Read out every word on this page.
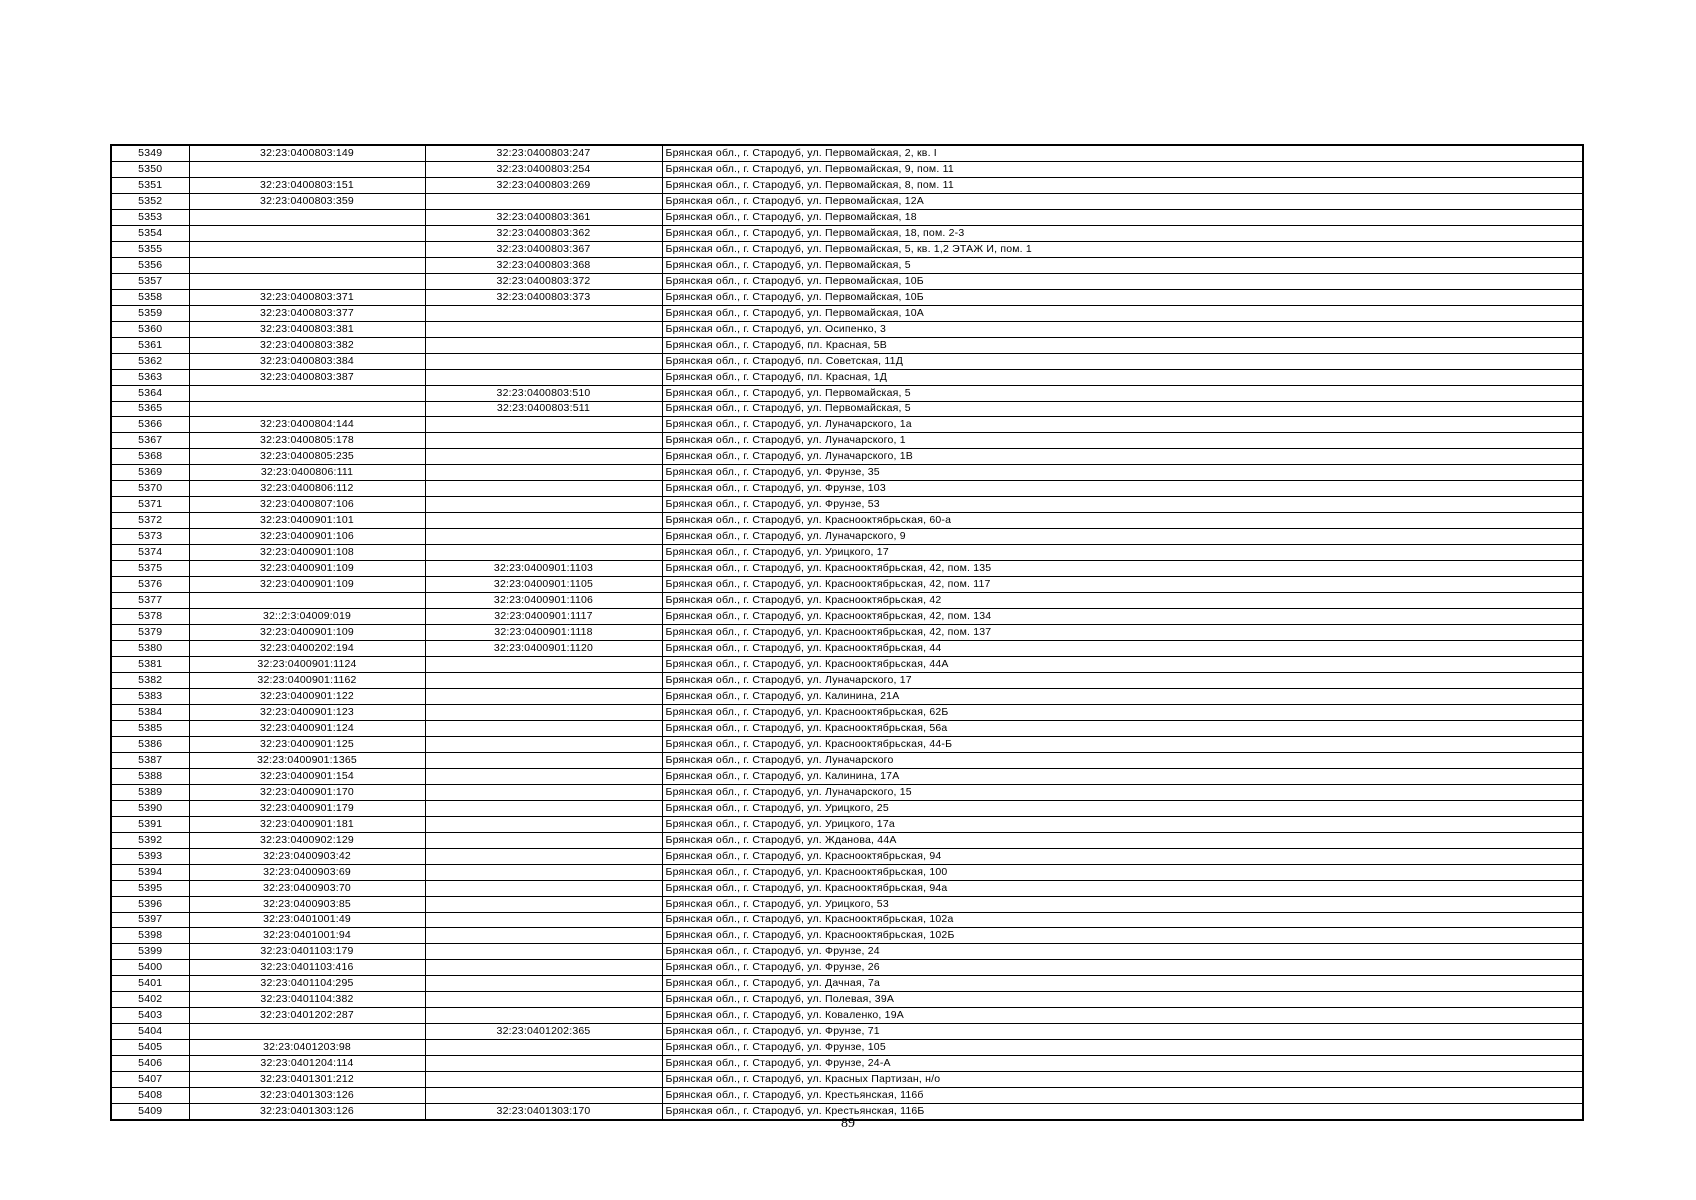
5349	32:23:0400803:149	32:23:0400803:247	Брянская обл., г. Стародуб, ул. Первомайская, 2, кв. I
5350		32:23:0400803:254	Брянская обл., г. Стародуб, ул. Первомайская, 9, пом. 11
5351	32:23:0400803:151	32:23:0400803:269	Брянская обл., г. Стародуб, ул. Первомайская, 8, пом. 11
5352	32:23:0400803:359		Брянская обл., г. Стародуб, ул. Первомайская, 12А
5353		32:23:0400803:361	Брянская обл., г. Стародуб, ул. Первомайская, 18
5354		32:23:0400803:362	Брянская обл., г. Стародуб, ул. Первомайская, 18, пом. 2-3
5355		32:23:0400803:367	Брянская обл., г. Стародуб, ул. Первомайская, 5, кв. 1,2 ЭТАЖ И, пом. 1
5356		32:23:0400803:368	Брянская обл., г. Стародуб, ул. Первомайская, 5
5357		32:23:0400803:372	Брянская обл., г. Стародуб, ул. Первомайская, 10Б
5358	32:23:0400803:371	32:23:0400803:373	Брянская обл., г. Стародуб, ул. Первомайская, 10Б
5359	32:23:0400803:377		Брянская обл., г. Стародуб, ул. Первомайская, 10А
5360	32:23:0400803:381		Брянская обл., г. Стародуб, ул. Осипенко, 3
5361	32:23:0400803:382		Брянская обл., г. Стародуб, пл. Красная, 5В
5362	32:23:0400803:384		Брянская обл., г. Стародуб, пл. Советская, 11Д
5363	32:23:0400803:387		Брянская обл., г. Стародуб, пл. Красная, 1Д
5364		32:23:0400803:510	Брянская обл., г. Стародуб, ул. Первомайская, 5
5365		32:23:0400803:511	Брянская обл., г. Стародуб, ул. Первомайская, 5
5366	32:23:0400804:144		Брянская обл., г. Стародуб, ул. Луначарского, 1а
5367	32:23:0400805:178		Брянская обл., г. Стародуб, ул. Луначарского, 1
5368	32:23:0400805:235		Брянская обл., г. Стародуб, ул. Луначарского, 1В
5369	32:23:0400806:111		Брянская обл., г. Стародуб, ул. Фрунзе, 35
5370	32:23:0400806:112		Брянская обл., г. Стародуб, ул. Фрунзе, 103
5371	32:23:0400807:106		Брянская обл., г. Стародуб, ул. Фрунзе, 53
5372	32:23:0400901:101		Брянская обл., г. Стародуб, ул. Краснооктябрьская, 60-а
5373	32:23:0400901:106		Брянская обл., г. Стародуб, ул. Луначарского, 9
5374	32:23:0400901:108		Брянская обл., г. Стародуб, ул. Урицкого, 17
5375	32:23:0400901:109	32:23:0400901:1103	Брянская обл., г. Стародуб, ул. Краснооктябрьская, 42, пом. 135
5376	32:23:0400901:109	32:23:0400901:1105	Брянская обл., г. Стародуб, ул. Краснооктябрьская, 42, пом. 117
5377		32:23:0400901:1106	Брянская обл., г. Стародуб, ул. Краснооктябрьская, 42
5378	32::2:3:04009:019	32:23:0400901:1117	Брянская обл., г. Стародуб, ул. Краснооктябрьская, 42, пом. 134
5379	32:23:0400901:109	32:23:0400901:1118	Брянская обл., г. Стародуб, ул. Краснооктябрьская, 42, пом. 137
5380	32:23:0400202:194	32:23:0400901:1120	Брянская обл., г. Стародуб, ул. Краснооктябрьская, 44
5381	32:23:0400901:1124		Брянская обл., г. Стародуб, ул. Краснооктябрьская, 44А
5382	32:23:0400901:1162		Брянская обл., г. Стародуб, ул. Луначарского, 17
5383	32:23:0400901:122		Брянская обл., г. Стародуб, ул. Калинина, 21А
5384	32:23:0400901:123		Брянская обл., г. Стародуб, ул. Краснооктябрьская, 62Б
5385	32:23:0400901:124		Брянская обл., г. Стародуб, ул. Краснооктябрьская, 56а
5386	32:23:0400901:125		Брянская обл., г. Стародуб, ул. Краснооктябрьская, 44-Б
5387	32:23:0400901:1365		Брянская обл., г. Стародуб, ул. Луначарского
5388	32:23:0400901:154		Брянская обл., г. Стародуб, ул. Калинина, 17А
5389	32:23:0400901:170		Брянская обл., г. Стародуб, ул. Луначарского, 15
5390	32:23:0400901:179		Брянская обл., г. Стародуб, ул. Урицкого, 25
5391	32:23:0400901:181		Брянская обл., г. Стародуб, ул. Урицкого, 17а
5392	32:23:0400902:129		Брянская обл., г. Стародуб, ул. Жданова, 44А
5393	32:23:0400903:42		Брянская обл., г. Стародуб, ул. Краснооктябрьская, 94
5394	32:23:0400903:69		Брянская обл., г. Стародуб, ул. Краснооктябрьская, 100
5395	32:23:0400903:70		Брянская обл., г. Стародуб, ул. Краснооктябрьская, 94а
5396	32:23:0400903:85		Брянская обл., г. Стародуб, ул. Урицкого, 53
5397	32:23:0401001:49		Брянская обл., г. Стародуб, ул. Краснооктябрьская, 102а
5398	32:23:0401001:94		Брянская обл., г. Стародуб, ул. Краснооктябрьская, 102Б
5399	32:23:0401103:179		Брянская обл., г. Стародуб, ул. Фрунзе, 24
5400	32:23:0401103:416		Брянская обл., г. Стародуб, ул. Фрунзе, 26
5401	32:23:0401104:295		Брянская обл., г. Стародуб, ул. Дачная, 7а
5402	32:23:0401104:382		Брянская обл., г. Стародуб, ул. Полевая, 39А
5403	32:23:0401202:287		Брянская обл., г. Стародуб, ул. Коваленко, 19А
5404		32:23:0401202:365	Брянская обл., г. Стародуб, ул. Фрунзе, 71
5405	32:23:0401203:98		Брянская обл., г. Стародуб, ул. Фрунзе, 105
5406	32:23:0401204:114		Брянская обл., г. Стародуб, ул. Фрунзе, 24-А
5407	32:23:0401301:212		Брянская обл., г. Стародуб, ул. Красных Партизан, н/о
5408	32:23:0401303:126		Брянская обл., г. Стародуб, ул. Крестьянская, 116б
5409	32:23:0401303:126	32:23:0401303:170	Брянская обл., г. Стародуб, ул. Крестьянская, 116Б
89
